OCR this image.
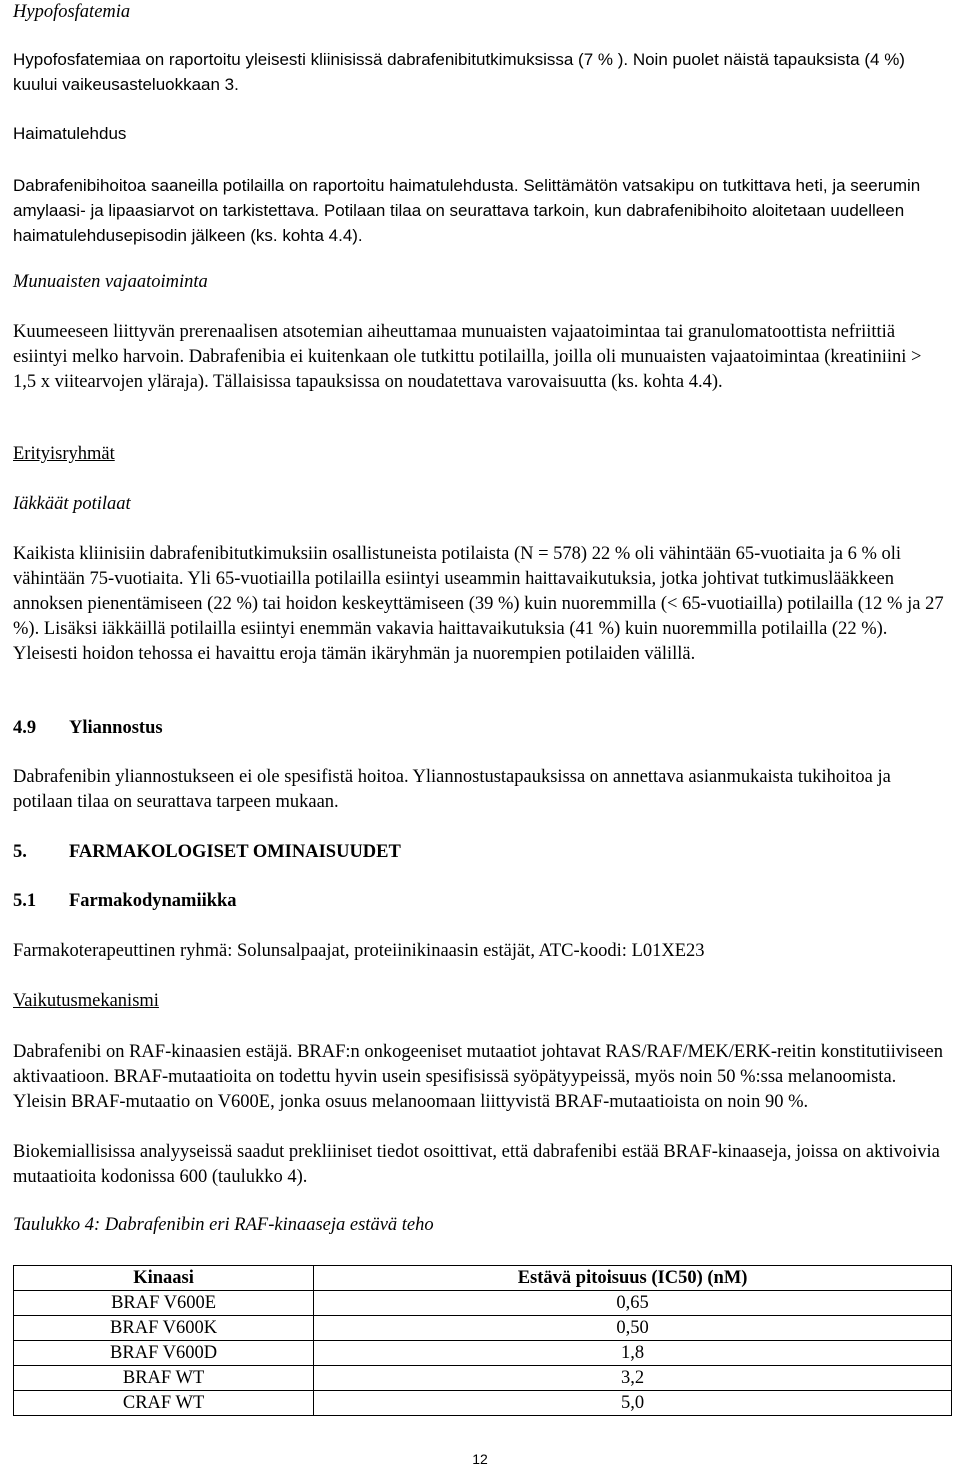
Hypofosfatemia

Hypofosfatemiaa on raportoitu yleisesti kliinisissä dabrafenibitutkimuksissa (7 % ). Noin puolet näistä tapauksista (4 %) kuului vaikeusasteluokkaan 3.

Haimatulehdus

Dabrafenibihoitoa saaneilla potilailla on raportoitu haimatulehdusta. Selittämätön vatsakipu on tutkittava heti, ja seerumin amylaasi- ja lipaasiarvot on tarkistettava. Potilaan tilaa on seurattava tarkoin, kun dabrafenibihoito aloitetaan uudelleen haimatulehdusepisodin jälkeen (ks. kohta 4.4).

Munuaisten vajaatoiminta

Kuumeeseen liittyvän prerenaalisen atsotemian aiheuttamaa munuaisten vajaatoimintaa tai granulomatoottista nefriittiä esiintyi melko harvoin. Dabrafenibia ei kuitenkaan ole tutkittu potilailla, joilla oli munuaisten vajaatoimintaa (kreatiniini > 1,5 x viitearvojen yläraja). Tällaisissa tapauksissa on noudatettava varovaisuutta (ks. kohta 4.4).

Erityisryhmät

Iäkkäät potilaat

Kaikista kliinisiin dabrafenibitutkimuksiin osallistuneista potilaista (N = 578) 22 % oli vähintään 65-vuotiaita ja 6 % oli vähintään 75-vuotiaita. Yli 65-vuotiailla potilailla esiintyi useammin haittavaikutuksia, jotka johtivat tutkimuslääkkeen annoksen pienentämiseen (22 %) tai hoidon keskeyttämiseen (39 %) kuin nuoremmilla (< 65-vuotiailla) potilailla (12 % ja 27 %). Lisäksi iäkkäillä potilailla esiintyi enemmän vakavia haittavaikutuksia (41 %) kuin nuoremmilla potilailla (22 %). Yleisesti hoidon tehossa ei havaittu eroja tämän ikäryhmän ja nuorempien potilaiden välillä.

4.9 Yliannostus

Dabrafenibin yliannostukseen ei ole spesifistä hoitoa. Yliannostustapauksissa on annettava asianmukaista tukihoitoa ja potilaan tilaa on seurattava tarpeen mukaan.

5. FARMAKOLOGISET OMINAISUUDET

5.1 Farmakodynamiikka

Farmakoterapeuttinen ryhmä: Solunsalpaajat, proteiinikinaasin estäjät, ATC-koodi: L01XE23

Vaikutusmekanismi

Dabrafenibi on RAF-kinaasien estäjä. BRAF:n onkogeeniset mutaatiot johtavat RAS/RAF/MEK/ERK-reitin konstitutiiviseen aktivaatioon. BRAF-mutaatioita on todettu hyvin usein spesifisissä syöpätyypeissä, myös noin 50 %:ssa melanoomista. Yleisin BRAF-mutaatio on V600E, jonka osuus melanoomaan liittyvistä BRAF-mutaatioista on noin 90 %.

Biokemiallisissa analyyseissä saadut prekliiniset tiedot osoittivat, että dabrafenibi estää BRAF-kinaaseja, joissa on aktivoivia mutaatioita kodonissa 600 (taulukko 4).

Taulukko 4: Dabrafenibin eri RAF-kinaaseja estävä teho

Kinaasi	Estävä pitoisuus (IC50) (nM)
BRAF V600E	0,65
BRAF V600K	0,50
BRAF V600D	1,8
BRAF WT	3,2
CRAF WT	5,0
12
